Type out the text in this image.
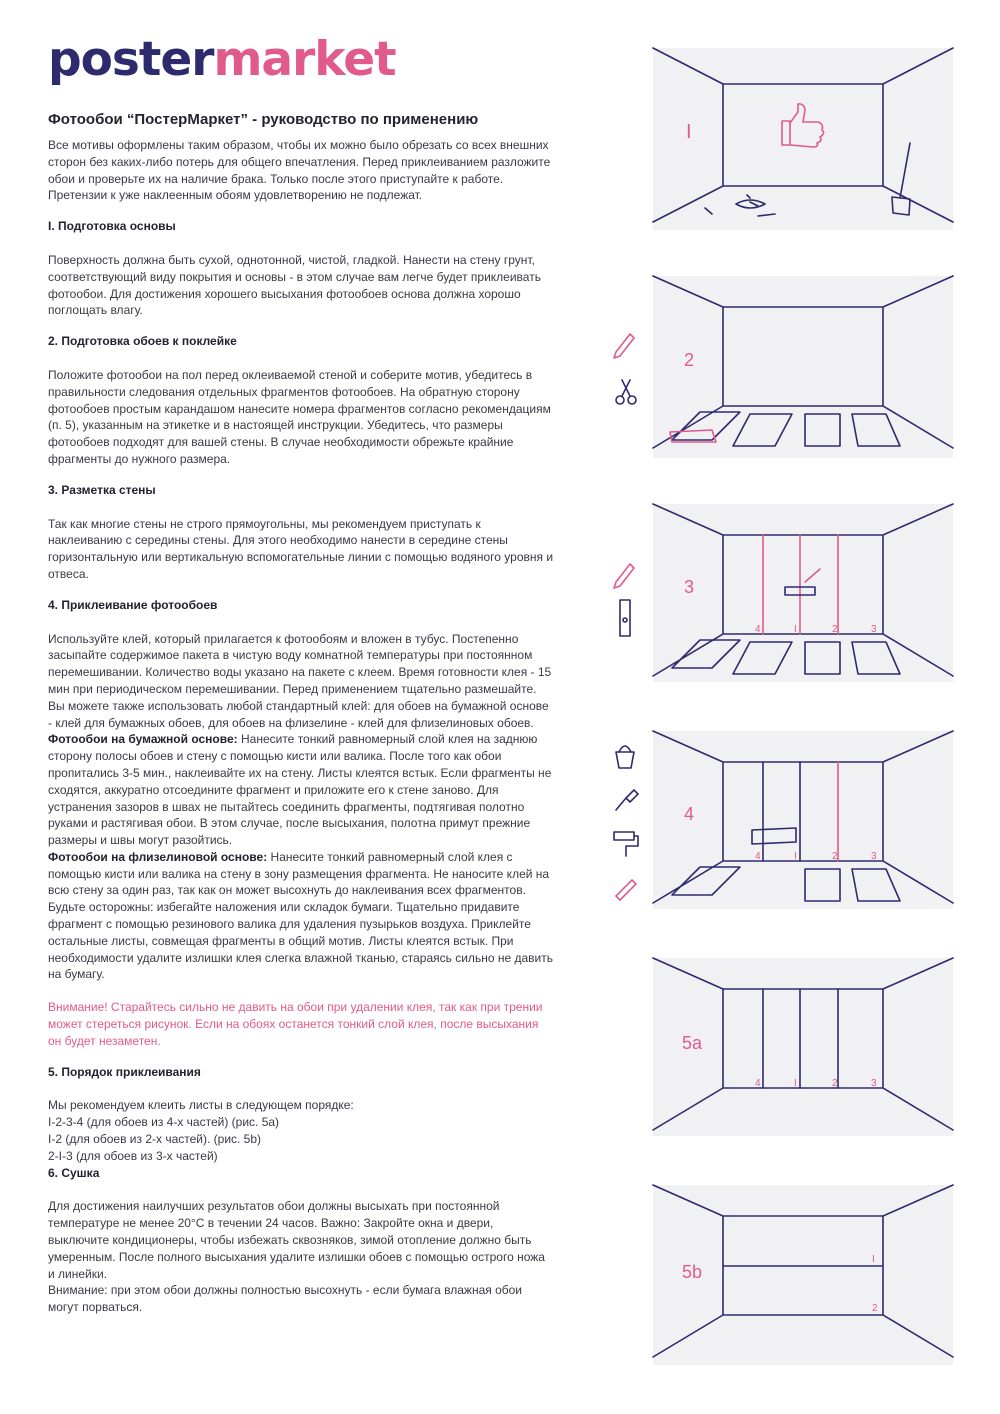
postermarket
Фотообои “ПостерМаркет” - руководство по применению

Все мотивы оформлены таким образом, чтобы их можно было обрезать со всех внешних сторон без каких-либо потерь для общего впечатления. Перед приклеиванием разложите обои и проверьте их на наличие брака. Только после этого приступайте к работе. Претензии к уже наклеенным обоям удовлетворению не подлежат.

I. Подготовка основы

Поверхность должна быть сухой, однотонной, чистой, гладкой. Нанести на стену грунт, соответствующий виду покрытия и основы - в этом случае вам легче будет приклеивать фотообои. Для достижения хорошего высыхания фотообоев основа должна хорошо поглощать влагу.

2. Подготовка обоев к поклейке

Положите фотообои на пол перед оклеиваемой стеной и соберите мотив, убедитесь в правильности следования отдельных фрагментов фотообоев. На обратную сторону фотообоев простым карандашом нанесите номера фрагментов согласно рекомендациям (п. 5), указанным на этикетке и в настоящей инструкции. Убедитесь, что размеры фотообоев подходят для вашей стены. В случае необходимости обрежьте крайние фрагменты до нужного размера.

3. Разметка стены

Так как многие стены не строго прямоугольны, мы рекомендуем приступать к наклеиванию с середины стены. Для этого необходимо нанести в середине стены горизонтальную или вертикальную вспомогательные линии с помощью водяного уровня и отвеса.

4. Приклеивание фотообоев

Используйте клей, который прилагается к фотообоям и вложен в тубус. Постепенно засыпайте содержимое пакета в чистую воду комнатной температуры при постоянном перемешивании. Количество воды указано на пакете с клеем. Время готовности клея - 15 мин при периодическом перемешивании. Перед применением тщательно размешайте. Вы можете также использовать любой стандартный клей: для обоев на бумажной основе - клей для бумажных обоев, для обоев на флизелине - клей для флизелиновых обоев.

Фотообои на бумажной основе: Нанесите тонкий равномерный слой клея на заднюю сторону полосы обоев и стену с помощью кисти или валика. После того как обои пропитались 3-5 мин., наклеивайте их на стену. Листы клеятся встык. Если фрагменты не сходятся, аккуратно отсоедините фрагмент и приложите его к стене заново. Для устранения зазоров в швах не пытайтесь соединить фрагменты, подтягивая полотно руками и растягивая обои. В этом случае, после высыхания, полотна примут прежние размеры и швы могут разойтись.

Фотообои на флизелиновой основе: Нанесите тонкий равномерный слой клея с помощью кисти или валика на стену в зону размещения фрагмента. Не наносите клей на всю стену за один раз, так как он может высохнуть до наклеивания всех фрагментов. Будьте осторожны: избегайте наложения или складок бумаги. Тщательно придавите фрагмент с помощью резинового валика для удаления пузырьков воздуха. Приклейте остальные листы, совмещая фрагменты в общий мотив. Листы клеятся встык. При необходимости удалите излишки клея слегка влажной тканью, стараясь сильно не давить на бумагу.

Внимание! Старайтесь сильно не давить на обои при удалении клея, так как при трении может стереться рисунок. Если на обоях останется тонкий слой клея, после высыхания он будет незаметен.

5. Порядок приклеивания

Мы рекомендуем клеить листы в следующем порядке:

I-2-3-4 (для обоев из 4-х частей) (рис. 5а)

I-2 (для обоев из 2-х частей). (рис. 5b)

2-I-3 (для обоев из 3-х частей)

6. Сушка

Для достижения наилучших результатов обои должны высыхать при постоянной температуре не менее 20°С в течении 24 часов. Важно: Закройте окна и двери, выключите кондиционеры, чтобы избежать сквозняков, зимой отопление должно быть умеренным. После полного высыхания удалите излишки обоев с помощью острого ножа и линейки.

Внимание: при этом обои должны полностью высохнуть - если бумага влажная обои могут порваться.

I
2
3
4
5a
5b
4	I	2	3
4	I	2	3
4	I	2	3
I
2
